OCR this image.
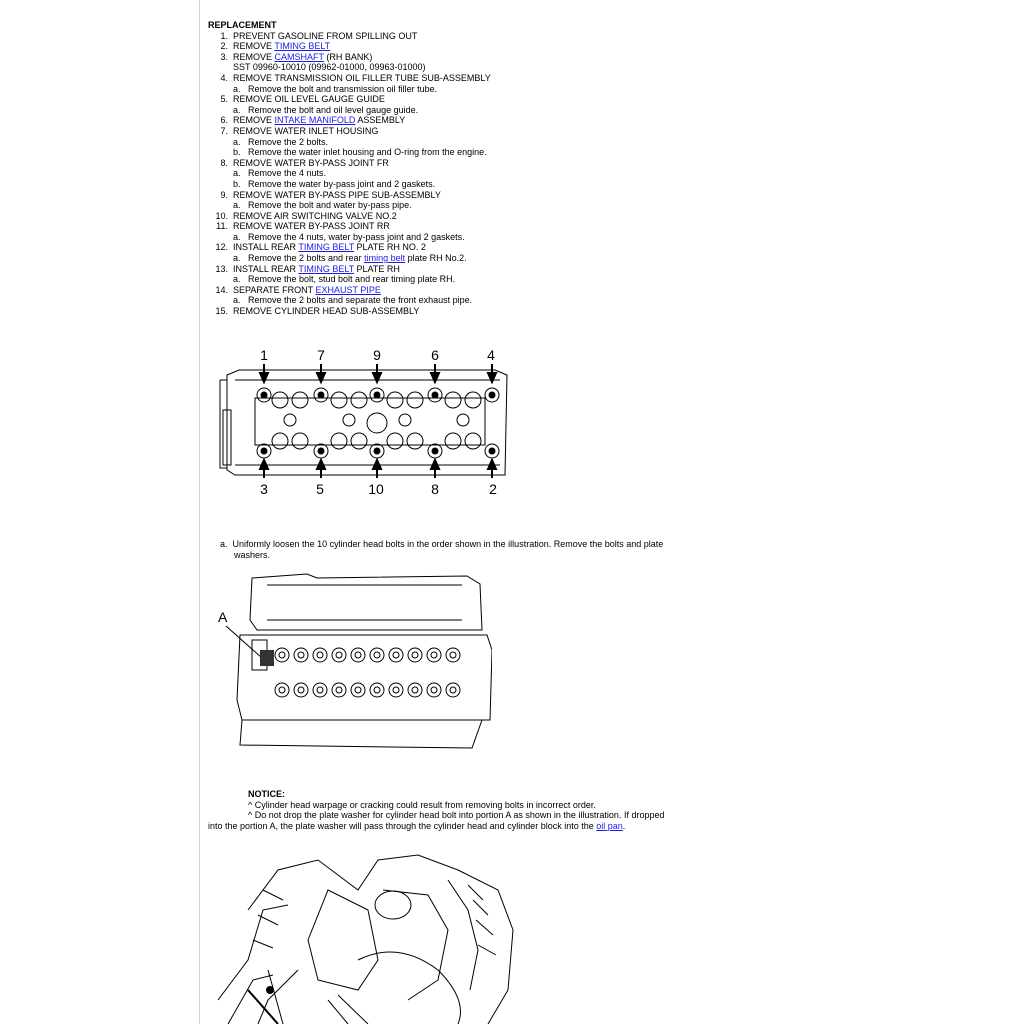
REPLACEMENT
1. PREVENT GASOLINE FROM SPILLING OUT
2. REMOVE TIMING BELT
3. REMOVE CAMSHAFT (RH BANK)
SST 09960-10010 (09962-01000, 09963-01000)
4. REMOVE TRANSMISSION OIL FILLER TUBE SUB-ASSEMBLY
a. Remove the bolt and transmission oil filler tube.
5. REMOVE OIL LEVEL GAUGE GUIDE
a. Remove the bolt and oil level gauge guide.
6. REMOVE INTAKE MANIFOLD ASSEMBLY
7. REMOVE WATER INLET HOUSING
a. Remove the 2 bolts.
b. Remove the water inlet housing and O-ring from the engine.
8. REMOVE WATER BY-PASS JOINT FR
a. Remove the 4 nuts.
b. Remove the water by-pass joint and 2 gaskets.
9. REMOVE WATER BY-PASS PIPE SUB-ASSEMBLY
a. Remove the bolt and water by-pass pipe.
10. REMOVE AIR SWITCHING VALVE NO.2
11. REMOVE WATER BY-PASS JOINT RR
a. Remove the 4 nuts, water by-pass joint and 2 gaskets.
12. INSTALL REAR TIMING BELT PLATE RH NO. 2
a. Remove the 2 bolts and rear timing belt plate RH No.2.
13. INSTALL REAR TIMING BELT PLATE RH
a. Remove the bolt, stud bolt and rear timing plate RH.
14. SEPARATE FRONT EXHAUST PIPE
a. Remove the 2 bolts and separate the front exhaust pipe.
15. REMOVE CYLINDER HEAD SUB-ASSEMBLY
1	7	9	6	4
3	5	10	8	2
a. Uniformly loosen the 10 cylinder head bolts in the order shown in the illustration. Remove the bolts and plate washers.
A
NOTICE:
^ Cylinder head warpage or cracking could result from removing bolts in incorrect order.
^ Do not drop the plate washer for cylinder head bolt into portion A as shown in the illustration. If dropped into the portion A, the plate washer will pass through the cylinder head and cylinder block into the oil pan.
